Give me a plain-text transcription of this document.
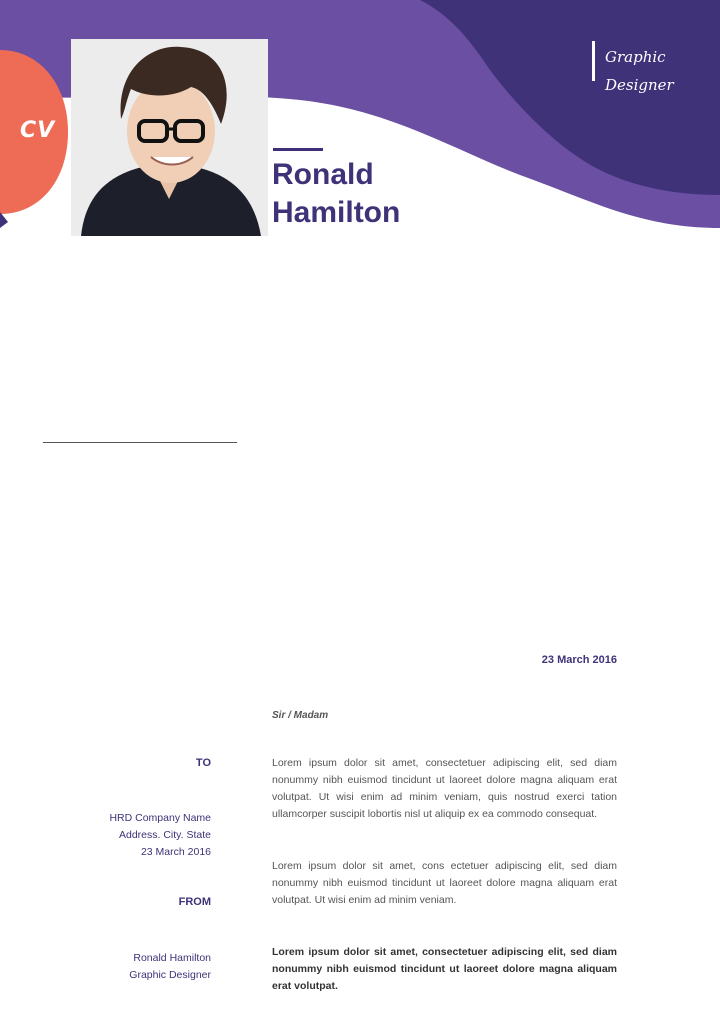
CV
Graphic
Designer
Ronald
Hamilton
23 March 2016
Sir / Madam
TO
HRD Company Name
Address. City. State
23 March 2016
FROM
Ronald Hamilton
Graphic Designer
Lorem ipsum dolor sit amet, consectetuer adipiscing elit, sed diam nonummy nibh euismod tincidunt ut laoreet dolore magna aliquam erat volutpat. Ut wisi enim ad minim veniam, quis nostrud exerci tation ullamcorper suscipit lobortis nisl ut aliquip ex ea commodo consequat.
Lorem ipsum dolor sit amet, cons ectetuer adipiscing elit, sed diam nonummy nibh euismod tincidunt ut laoreet dolore magna aliquam erat volutpat. Ut wisi enim ad minim veniam.
Lorem ipsum dolor sit amet, consectetuer adipiscing elit, sed diam nonummy nibh euismod tincidunt ut laoreet dolore magna aliquam erat volutpat.
